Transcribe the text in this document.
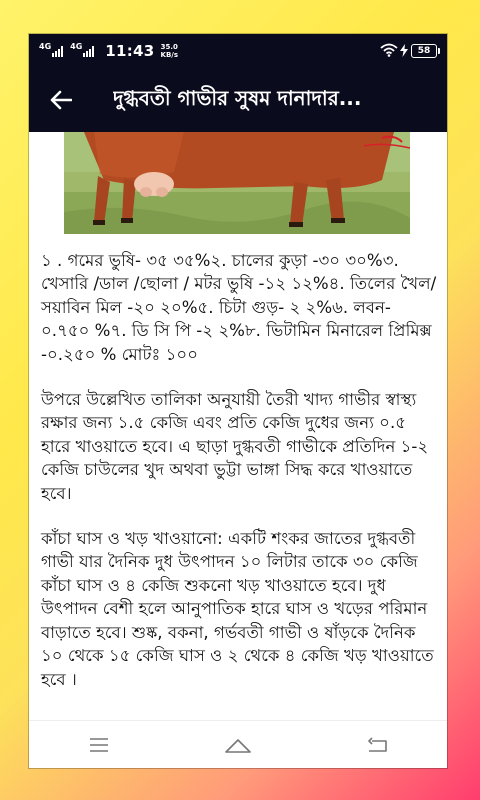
4G 4G 11:43 35.0
KB/s	58
দুগ্ধবতী গাভীর সুষম দানাদার...

১ . গমের ভুষি- ৩৫ ৩৫%২. চালের কুড়া -৩০ ৩০%৩. খেসারি /ডাল /ছোলা / মটর ভুষি -১২ ১২%৪. তিলের খৈল/ সয়াবিন মিল -২০ ২০%৫. চিটা গুড়- ২ ২%৬. লবন- ০.৭৫০ %৭. ডি সি পি -২ ২%৮. ভিটামিন মিনারেল প্রিমিক্স -০.২৫০ % মোটঃ ১০০

উপরে উল্লেখিত তালিকা অনুযায়ী তৈরী খাদ্য গাভীর স্বাস্থ্য রক্ষার জন্য ১.৫ কেজি এবং প্রতি কেজি দুধের জন্য ০.৫ হারে খাওয়াতে হবে। এ ছাড়া দুগ্ধবতী গাভীকে প্রতিদিন ১-২ কেজি চাউলের খুদ অথবা ভুট্টা ভাঙ্গা সিদ্ধ করে খাওয়াতে হবে।

কাঁচা ঘাস ও খড় খাওয়ানো: একটি শংকর জাতের দুগ্ধবতী গাভী যার দৈনিক দুধ উৎপাদন ১০ লিটার তাকে ৩০ কেজি কাঁচা ঘাস ও ৪ কেজি শুকনো খড় খাওয়াতে হবে। দুধ উৎপাদন বেশী হলে আনুপাতিক হারে ঘাস ও খড়ের পরিমান বাড়াতে হবে। শুষ্ক, বকনা, গর্ভবতী গাভী ও ষাঁড়কে দৈনিক ১০ থেকে ১৫ কেজি ঘাস ও ২ থেকে ৪ কেজি খড় খাওয়াতে হবে ।
